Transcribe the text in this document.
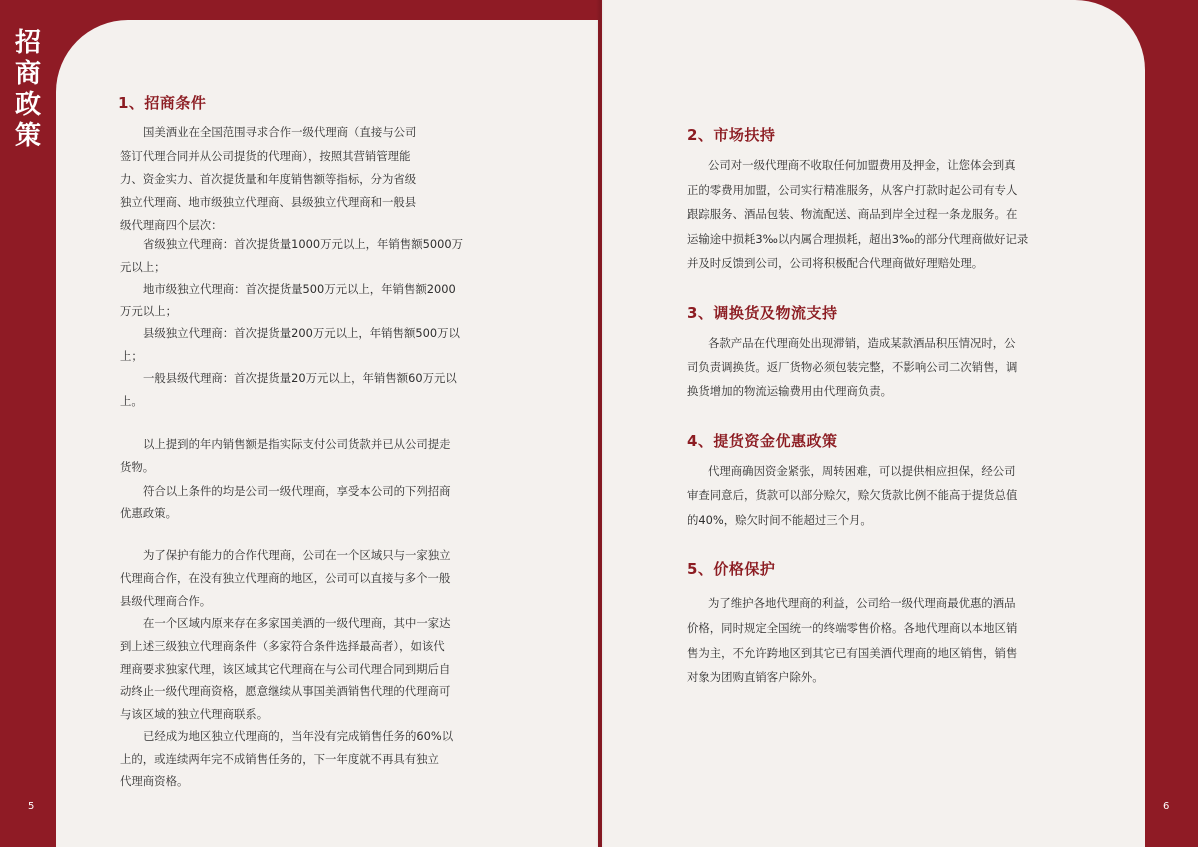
招
商
政
策
5	6
1、招商条件
国美酒业在全国范围寻求合作一级代理商（直接与公司
签订代理合同并从公司提货的代理商），按照其营销管理能
力、资金实力、首次提货量和年度销售额等指标，分为省级
独立代理商、地市级独立代理商、县级独立代理商和一般县
级代理商四个层次：
省级独立代理商：首次提货量1000万元以上，年销售额5000万
元以上；
地市级独立代理商：首次提货量500万元以上，年销售额2000
万元以上；
县级独立代理商：首次提货量200万元以上，年销售额500万以
上；
一般县级代理商：首次提货量20万元以上，年销售额60万元以
上。
以上提到的年内销售额是指实际支付公司货款并已从公司提走
货物。
符合以上条件的均是公司一级代理商，享受本公司的下列招商
优惠政策。
为了保护有能力的合作代理商，公司在一个区域只与一家独立
代理商合作，在没有独立代理商的地区，公司可以直接与多个一般
县级代理商合作。
在一个区域内原来存在多家国美酒的一级代理商，其中一家达
到上述三级独立代理商条件（多家符合条件选择最高者），如该代
理商要求独家代理，该区域其它代理商在与公司代理合同到期后自
动终止一级代理商资格，愿意继续从事国美酒销售代理的代理商可
与该区域的独立代理商联系。
已经成为地区独立代理商的，当年没有完成销售任务的60%以
上的，或连续两年完不成销售任务的，下一年度就不再具有独立
代理商资格。
2、市场扶持
公司对一级代理商不收取任何加盟费用及押金，让您体会到真
正的零费用加盟，公司实行精准服务，从客户打款时起公司有专人
跟踪服务、酒品包装、物流配送、商品到岸全过程一条龙服务。在
运输途中损耗3‰以内属合理损耗，超出3‰的部分代理商做好记录
并及时反馈到公司，公司将积极配合代理商做好理赔处理。
3、调换货及物流支持
各款产品在代理商处出现滞销，造成某款酒品积压情况时，公
司负责调换货。返厂货物必须包装完整，不影响公司二次销售，调
换货增加的物流运输费用由代理商负责。
4、提货资金优惠政策
代理商确因资金紧张，周转困难，可以提供相应担保，经公司
审查同意后，货款可以部分赊欠，赊欠货款比例不能高于提货总值
的40%，赊欠时间不能超过三个月。
5、价格保护
为了维护各地代理商的利益，公司给一级代理商最优惠的酒品
价格，同时规定全国统一的终端零售价格。各地代理商以本地区销
售为主，不允许跨地区到其它已有国美酒代理商的地区销售，销售
对象为团购直销客户除外。
